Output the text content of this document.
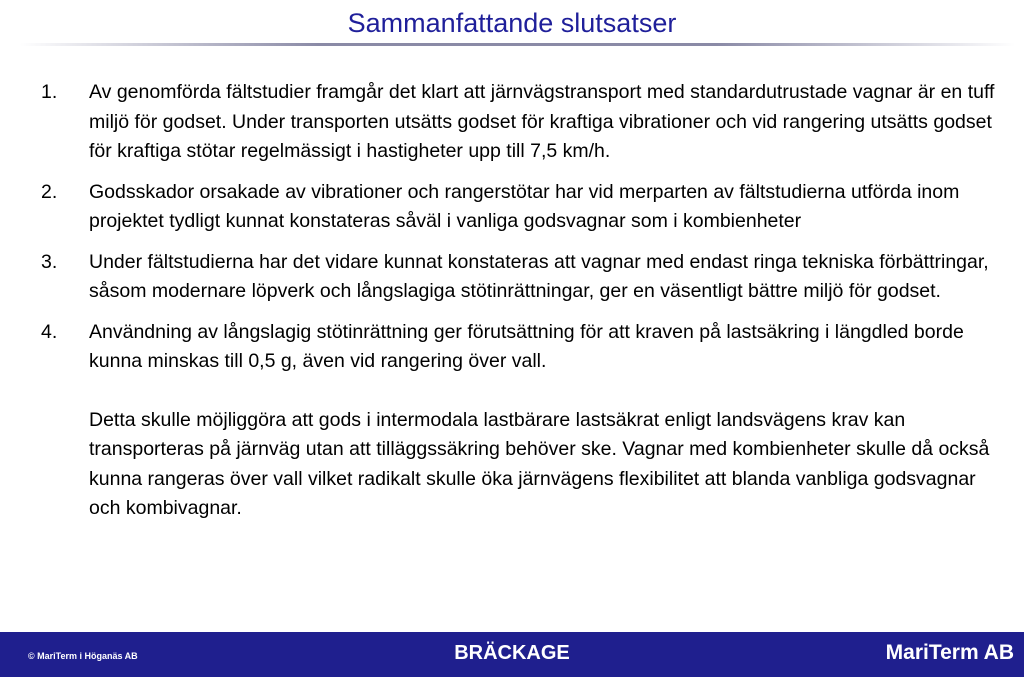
Sammanfattande slutsatser
1.	Av genomförda fältstudier framgår det klart att järnvägstransport med standardutrustade vagnar är en tuff miljö för godset. Under transporten utsätts godset för kraftiga vibrationer och vid rangering utsätts godset för kraftiga stötar regelmässigt i hastigheter upp till 7,5 km/h.

2.	Godsskador orsakade av vibrationer och rangerstötar har vid merparten av fältstudierna utförda inom projektet tydligt kunnat konstateras såväl i vanliga godsvagnar som i kombienheter

3.	Under fältstudierna har det vidare kunnat konstateras att vagnar med endast ringa tekniska förbättringar, såsom modernare löpverk och långslagiga stötinrättningar, ger en väsentligt bättre miljö för godset.

4.	Användning av långslagig stötinrättning ger förutsättning för att kraven på lastsäkring i längdled borde kunna minskas till 0,5 g, även vid rangering över vall.

Detta skulle möjliggöra att gods i intermodala lastbärare lastsäkrat enligt landsvägens krav kan transporteras på järnväg utan att tilläggssäkring behöver ske. Vagnar med kombienheter skulle då också kunna rangeras över vall vilket radikalt skulle öka järnvägens flexibilitet att blanda vanbliga godsvagnar och kombivagnar.

© MariTerm i Höganäs AB	BRÄCKAGE	MariTerm AB
